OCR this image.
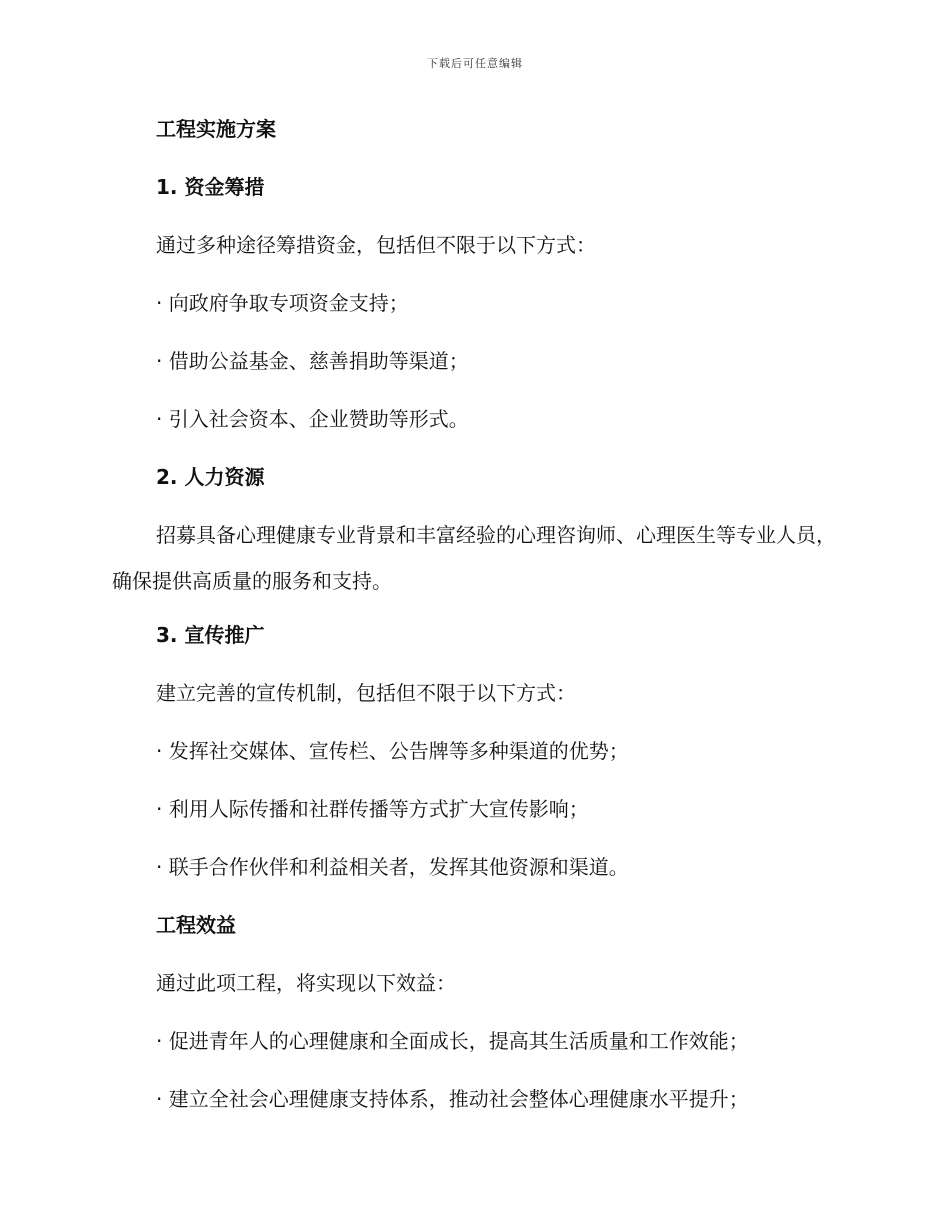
下载后可任意编辑
工程实施方案
1. 资金筹措
通过多种途径筹措资金，包括但不限于以下方式：
· 向政府争取专项资金支持；
· 借助公益基金、慈善捐助等渠道；
· 引入社会资本、企业赞助等形式。
2. 人力资源
招募具备心理健康专业背景和丰富经验的心理咨询师、心理医生等专业人员，确保提供高质量的服务和支持。
3. 宣传推广
建立完善的宣传机制，包括但不限于以下方式：
· 发挥社交媒体、宣传栏、公告牌等多种渠道的优势；
· 利用人际传播和社群传播等方式扩大宣传影响；
· 联手合作伙伴和利益相关者，发挥其他资源和渠道。
工程效益
通过此项工程，将实现以下效益：
· 促进青年人的心理健康和全面成长，提高其生活质量和工作效能；
· 建立全社会心理健康支持体系，推动社会整体心理健康水平提升；
